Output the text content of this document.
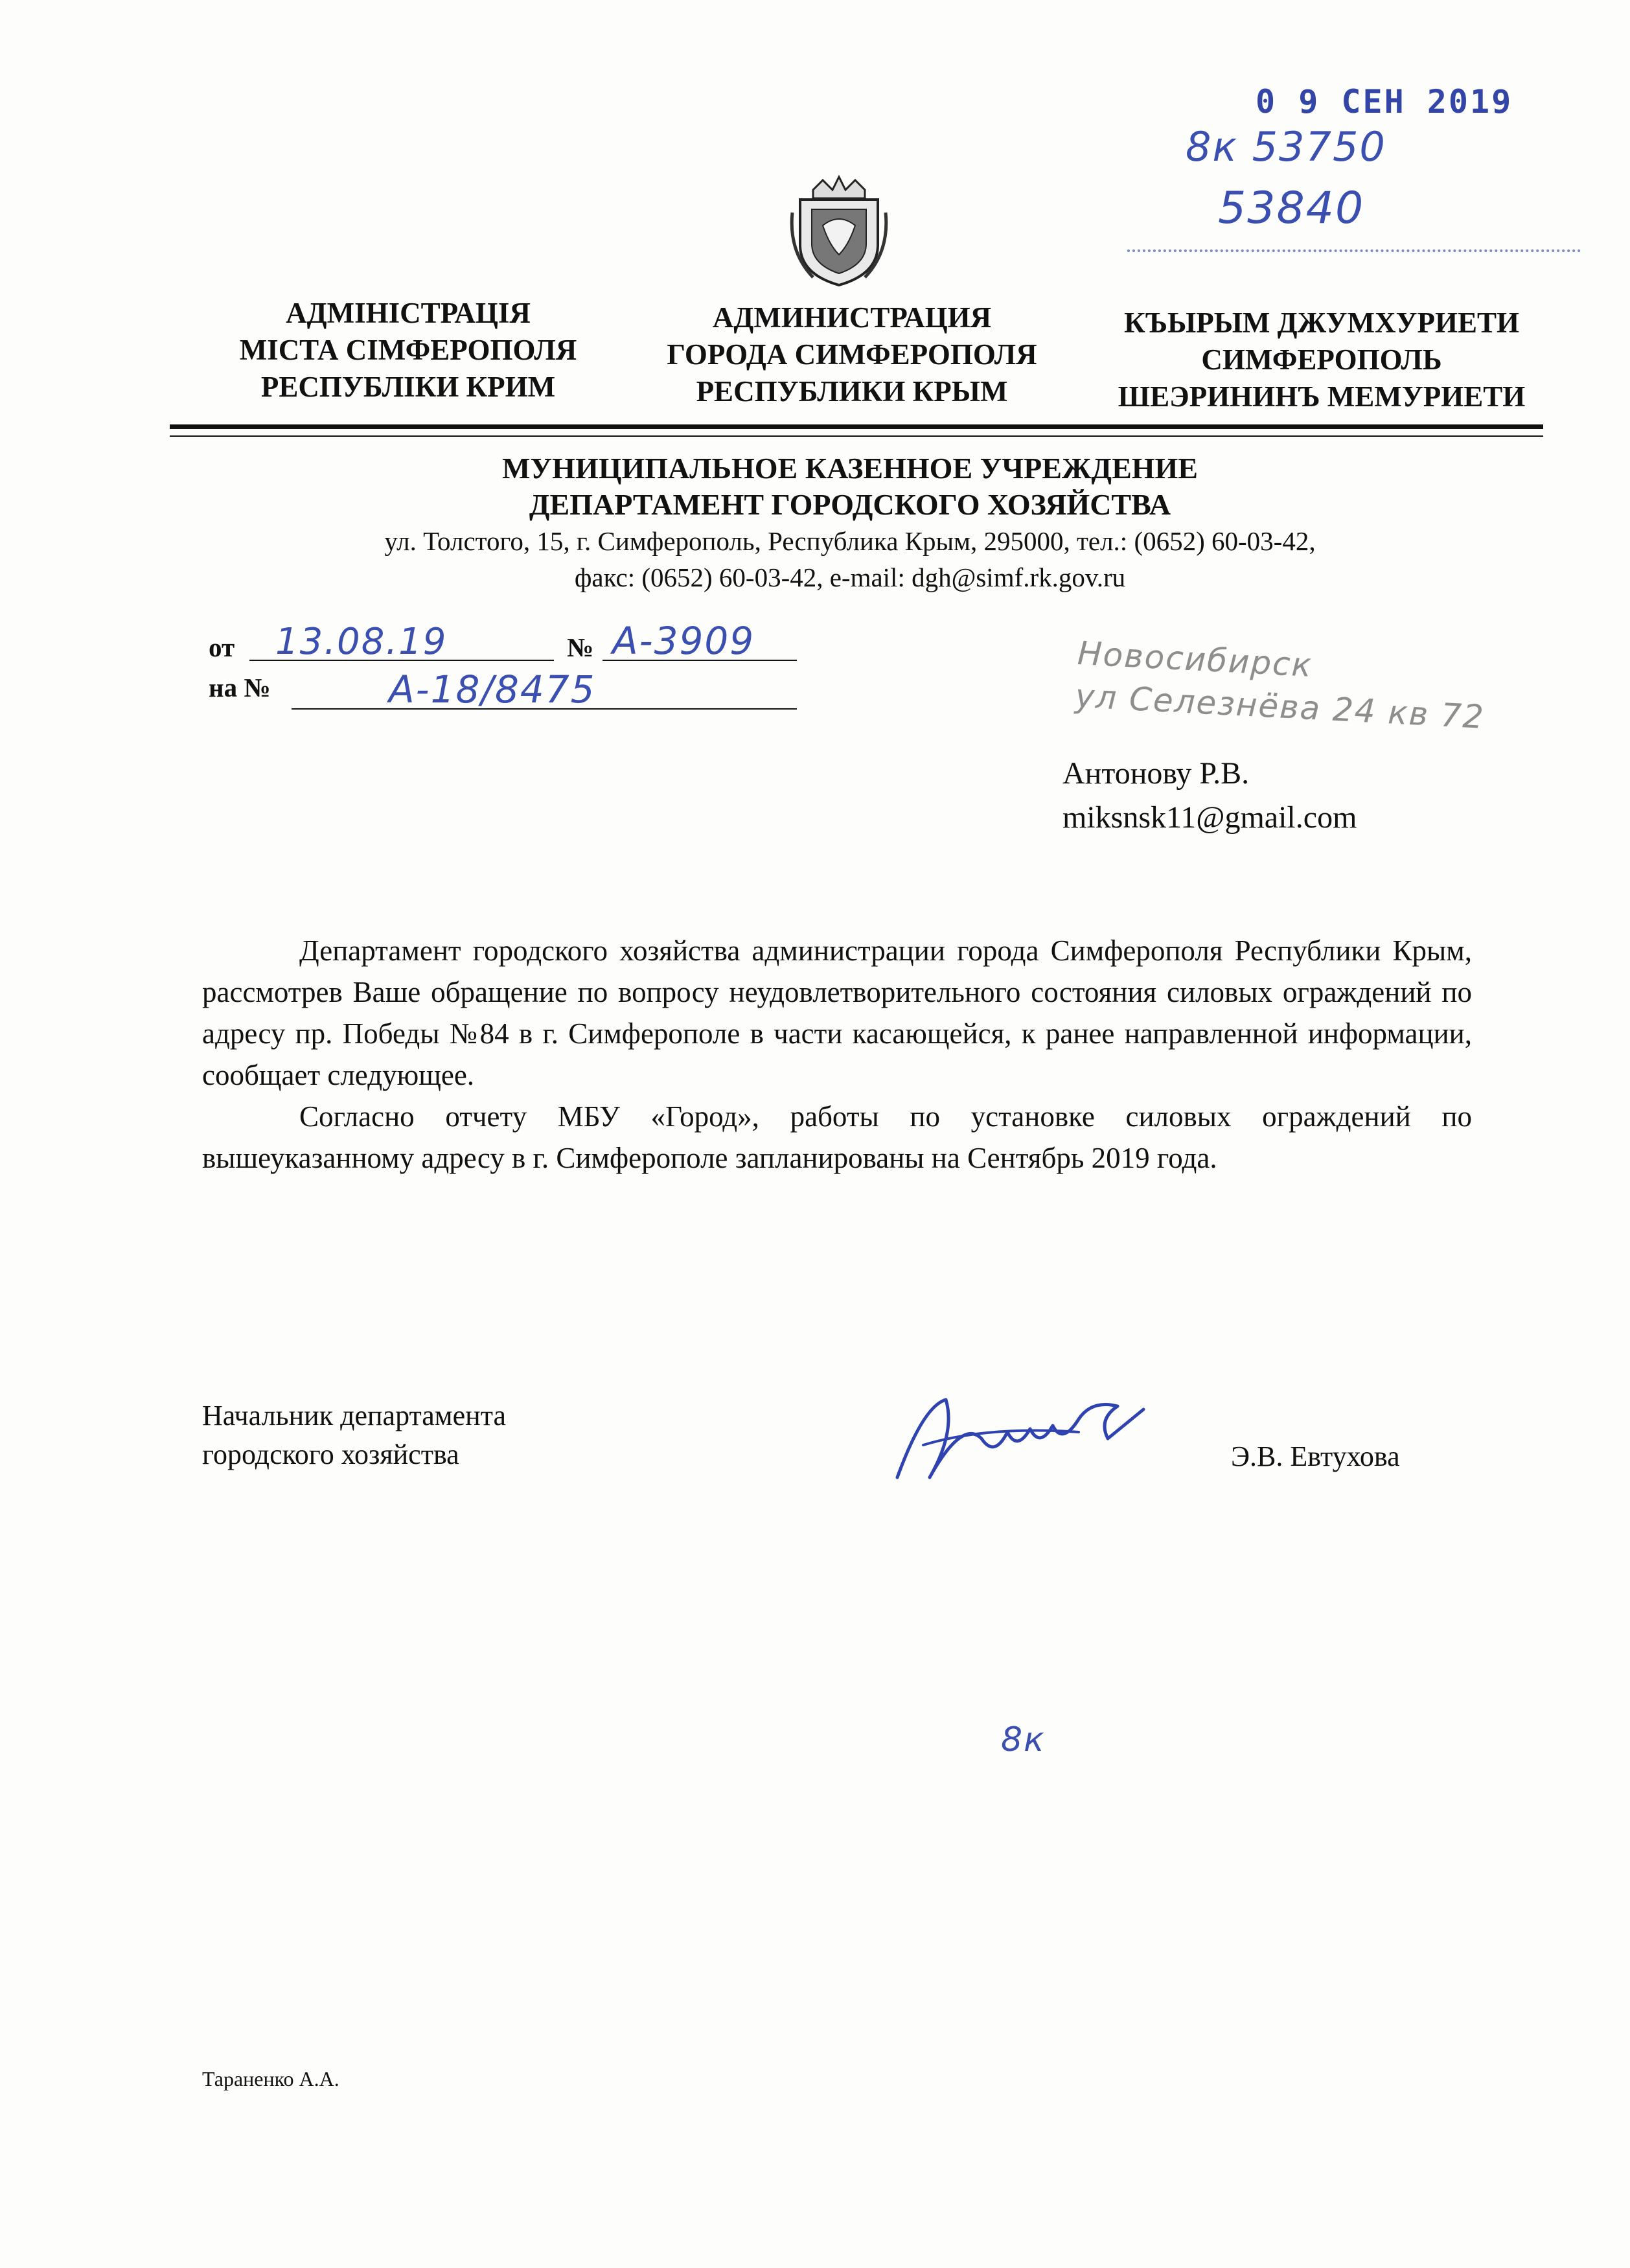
0 9 СЕН 2019
8к 53750
53840
АДМІНІСТРАЦІЯ
МІСТА СІМФЕРОПОЛЯ
РЕСПУБЛІКИ КРИМ
АДМИНИСТРАЦИЯ
ГОРОДА СИМФЕРОПОЛЯ
РЕСПУБЛИКИ КРЫМ
КЪЫРЫМ ДЖУМХУРИЕТИ
СИМФЕРОПОЛЬ
ШЕЭРИНИНЪ МЕМУРИЕТИ
МУНИЦИПАЛЬНОЕ КАЗЕННОЕ УЧРЕЖДЕНИЕ
ДЕПАРТАМЕНТ ГОРОДСКОГО ХОЗЯЙСТВА
ул. Толстого, 15, г. Симферополь, Республика Крым, 295000, тел.: (0652) 60-03-42,
факс: (0652) 60-03-42, e-mail: dgh@simf.rk.gov.ru
от 13.08.19	№ А-3909
на №	А-18/8475
Новосибирск
ул Селезнёва 24 кв 72
Антонову Р.В.
miksnsk11@gmail.com

Департамент городского хозяйства администрации города Симферополя Республики Крым, рассмотрев Ваше обращение по вопросу неудовлетворительного состояния силовых ограждений по адресу пр. Победы №84 в г. Симферополе в части касающейся, к ранее направленной информации, сообщает следующее.

Согласно отчету МБУ «Город», работы по установке силовых ограждений по вышеуказанному адресу в г. Симферополе запланированы на Сентябрь 2019 года.

Начальник департамента
городского хозяйства	Э.В. Евтухова
8к
Тараненко А.А.
